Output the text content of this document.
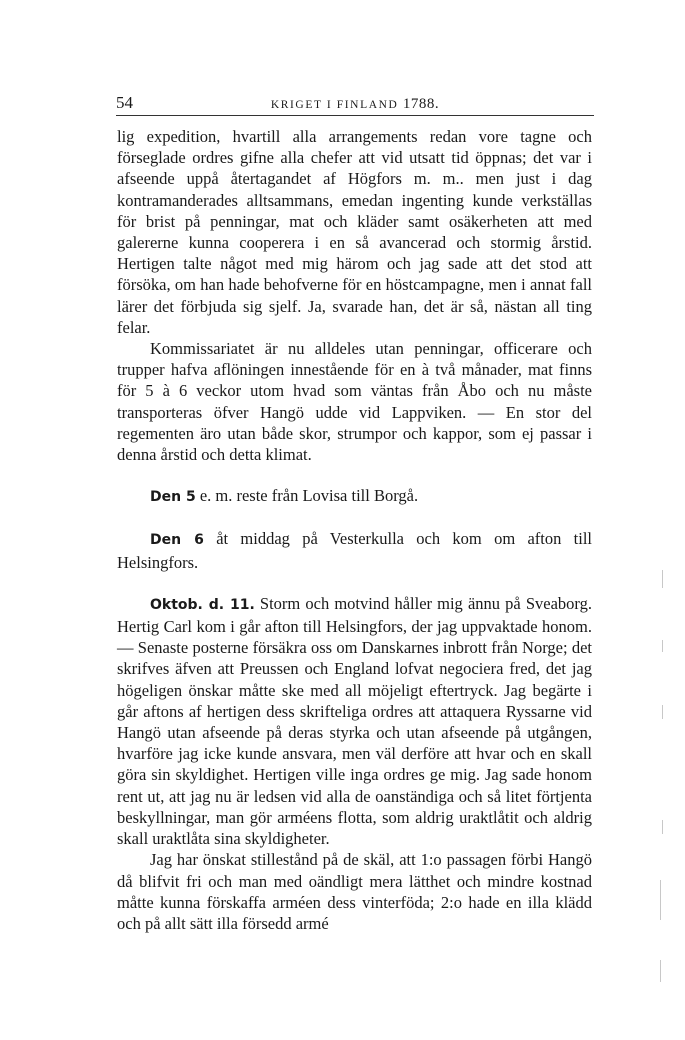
54	KRIGET I FINLAND 1788.

lig expedition, hvartill alla arrangements redan vore tagne och förseglade ordres gifne alla chefer att vid utsatt tid öppnas; det var i afseende uppå återtagandet af Högfors m. m.. men just i dag kontramanderades alltsammans, emedan ingenting kunde verkställas för brist på penningar, mat och kläder samt osäkerheten att med galererne kunna cooperera i en så avancerad och stormig årstid. Hertigen talte något med mig härom och jag sade att det stod att försöka, om han hade behofverne för en höstcampagne, men i annat fall lärer det förbjuda sig sjelf. Ja, svarade han, det är så, nästan all ting felar.

Kommissariatet är nu alldeles utan penningar, officerare och trupper hafva aflöningen innestående för en à två månader, mat finns för 5 à 6 veckor utom hvad som väntas från Åbo och nu måste transporteras öfver Hangö udde vid Lappviken. — En stor del regementen äro utan både skor, strumpor och kappor, som ej passar i denna årstid och detta klimat.

Den 5 e. m. reste från Lovisa till Borgå.

Den 6 åt middag på Vesterkulla och kom om afton till Helsingfors.

Oktob. d. 11. Storm och motvind håller mig ännu på Sveaborg. Hertig Carl kom i går afton till Helsingfors, der jag uppvaktade honom. — Senaste posterne försäkra oss om Danskarnes inbrott från Norge; det skrifves äfven att Preussen och England lofvat negociera fred, det jag högeligen önskar måtte ske med all möjeligt eftertryck. Jag begärte i går aftons af hertigen dess skrifteliga ordres att attaquera Ryssarne vid Hangö utan afseende på deras styrka och utan afseende på utgången, hvarföre jag icke kunde ansvara, men väl derföre att hvar och en skall göra sin skyldighet. Hertigen ville inga ordres ge mig. Jag sade honom rent ut, att jag nu är ledsen vid alla de oanständiga och så litet förtjenta beskyllningar, man gör arméens flotta, som aldrig uraktlåtit och aldrig skall uraktlåta sina skyldigheter.

Jag har önskat stillestånd på de skäl, att 1:o passagen förbi Hangö då blifvit fri och man med oändligt mera lätthet och mindre kostnad måtte kunna förskaffa arméen dess vinterföda; 2:o hade en illa klädd och på allt sätt illa försedd armé
